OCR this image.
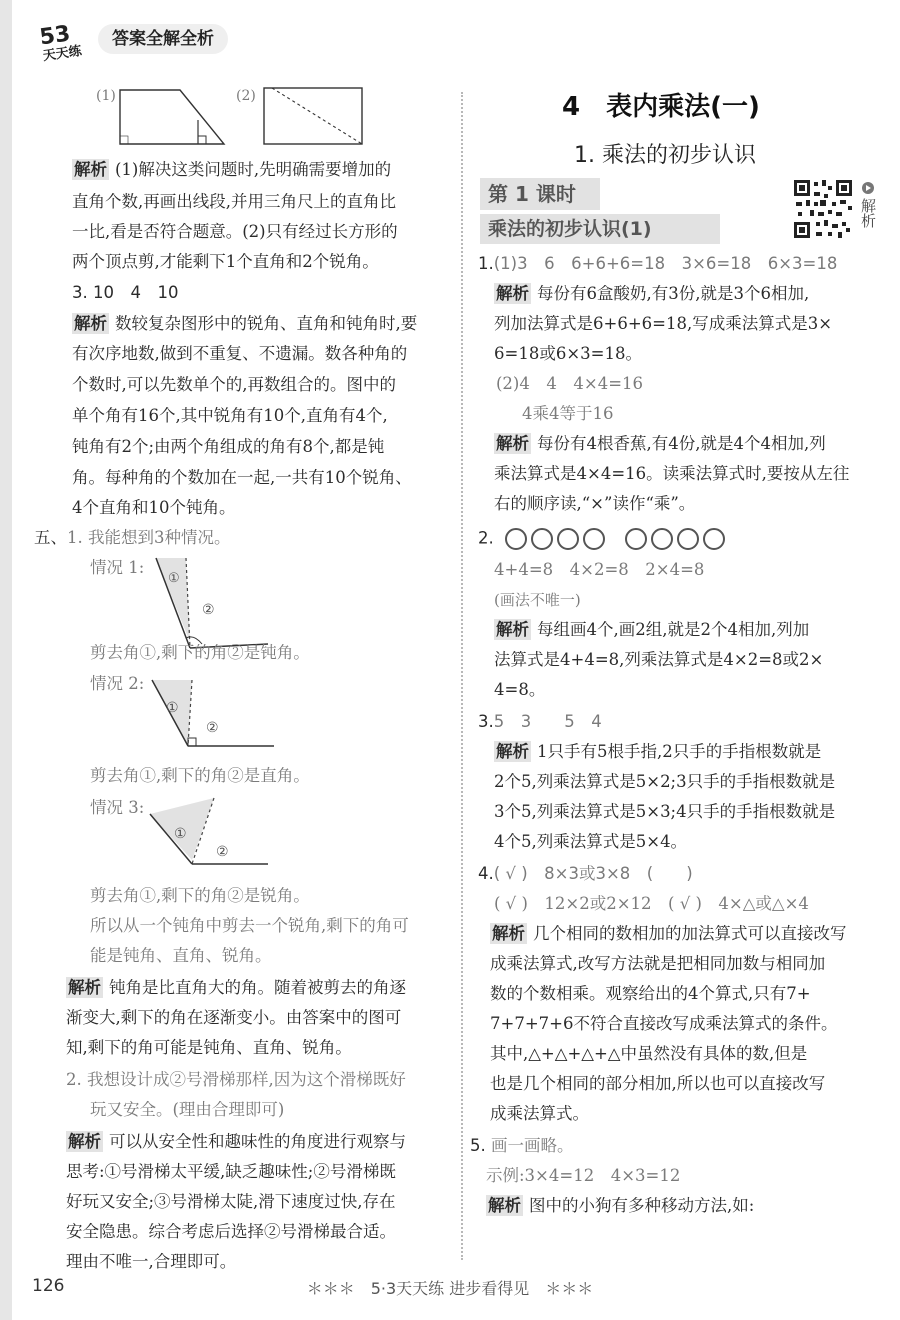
53
天天练
答案全解全析
(1)	(2)
解析 (1)解决这类问题时,先明确需要增加的
直角个数,再画出线段,并用三角尺上的直角比
一比,看是否符合题意。(2)只有经过长方形的
两个顶点剪,才能剩下1个直角和2个锐角。
3. 10　4　10
解析 数较复杂图形中的锐角、直角和钝角时,要
有次序地数,做到不重复、不遗漏。数各种角的
个数时,可以先数单个的,再数组合的。图中的
单个角有16个,其中锐角有10个,直角有4个,
钝角有2个;由两个角组成的角有8个,都是钝
角。每种角的个数加在一起,一共有10个锐角、
4个直角和10个钝角。
五、1. 我能想到3种情况。
情况 1:
①
②
剪去角①,剩下的角②是钝角。
情况 2:
①
②
剪去角①,剩下的角②是直角。
情况 3:
①
②
剪去角①,剩下的角②是锐角。
所以从一个钝角中剪去一个锐角,剩下的角可
能是钝角、直角、锐角。
解析 钝角是比直角大的角。随着被剪去的角逐
渐变大,剩下的角在逐渐变小。由答案中的图可
知,剩下的角可能是钝角、直角、锐角。
2. 我想设计成②号滑梯那样,因为这个滑梯既好
玩又安全。(理由合理即可)
解析 可以从安全性和趣味性的角度进行观察与
思考:①号滑梯太平缓,缺乏趣味性;②号滑梯既
好玩又安全;③号滑梯太陡,滑下速度过快,存在
安全隐患。综合考虑后选择②号滑梯最合适。
理由不唯一,合理即可。
4　表内乘法(一)
1. 乘法的初步认识
第 1 课时
乘法的初步认识(1)
解析
1.(1)3　6　6+6+6=18　3×6=18　6×3=18
解析 每份有6盒酸奶,有3份,就是3个6相加,
列加法算式是6+6+6=18,写成乘法算式是3×
6=18或6×3=18。
(2)4　4　4×4=16
4乘4等于16
解析 每份有4根香蕉,有4份,就是4个4相加,列
乘法算式是4×4=16。读乘法算式时,要按从左往
右的顺序读,“×”读作“乘”。
2.
4+4=8　4×2=8　2×4=8
(画法不唯一)
解析 每组画4个,画2组,就是2个4相加,列加
法算式是4+4=8,列乘法算式是4×2=8或2×
4=8。
3.5　3　　5　4
解析 1只手有5根手指,2只手的手指根数就是
2个5,列乘法算式是5×2;3只手的手指根数就是
3个5,列乘法算式是5×3;4只手的手指根数就是
4个5,列乘法算式是5×4。
4.( √ )　8×3或3×8　(　　)
( √ )　12×2或2×12　( √ )　4×△或△×4
解析 几个相同的数相加的加法算式可以直接改写
成乘法算式,改写方法就是把相同加数与相同加
数的个数相乘。观察给出的4个算式,只有7+
7+7+7+6不符合直接改写成乘法算式的条件。
其中,△+△+△+△中虽然没有具体的数,但是
也是几个相同的部分相加,所以也可以直接改写
成乘法算式。
5. 画一画略。
示例:3×4=12　4×3=12
解析 图中的小狗有多种移动方法,如:
126	＊＊＊　5·3天天练 进步看得见　＊＊＊
